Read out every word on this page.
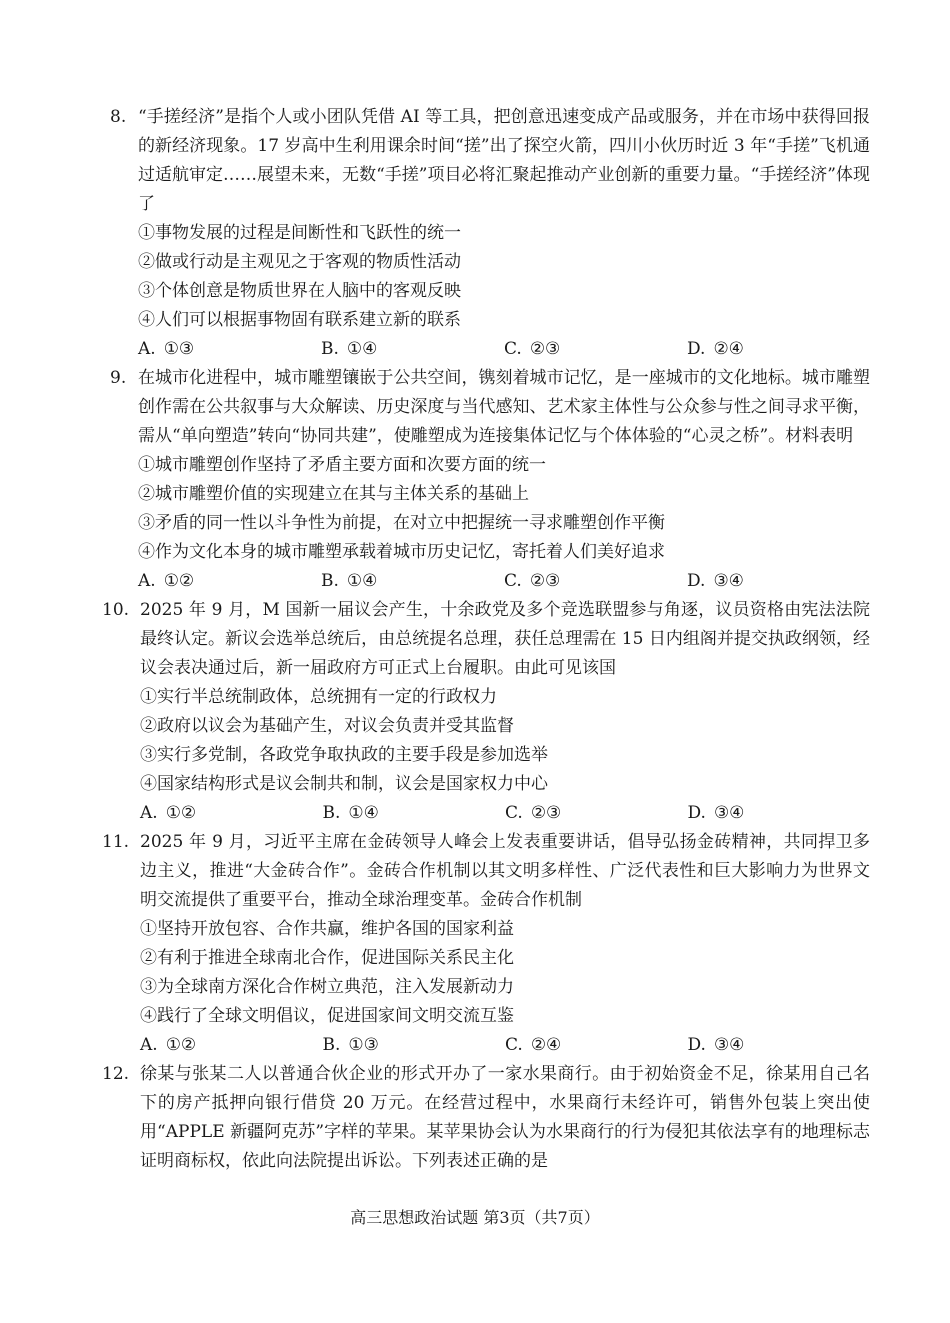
8. “手搓经济”是指个人或小团队凭借 AI 等工具，把创意迅速变成产品或服务，并在市场中获得回报的新经济现象。17 岁高中生利用课余时间“搓”出了探空火箭，四川小伙历时近 3 年“手搓”飞机通过适航审定……展望未来，无数“手搓”项目必将汇聚起推动产业创新的重要力量。“手搓经济”体现了
①事物发展的过程是间断性和飞跃性的统一
②做或行动是主观见之于客观的物质性活动
③个体创意是物质世界在人脑中的客观反映
④人们可以根据事物固有联系建立新的联系
A. ①③	B. ①④	C. ②③	D. ②④
9. 在城市化进程中，城市雕塑镶嵌于公共空间，镌刻着城市记忆，是一座城市的文化地标。城市雕塑创作需在公共叙事与大众解读、历史深度与当代感知、艺术家主体性与公众参与性之间寻求平衡，需从“单向塑造”转向“协同共建”，使雕塑成为连接集体记忆与个体体验的“心灵之桥”。材料表明
①城市雕塑创作坚持了矛盾主要方面和次要方面的统一
②城市雕塑价值的实现建立在其与主体关系的基础上
③矛盾的同一性以斗争性为前提，在对立中把握统一寻求雕塑创作平衡
④作为文化本身的城市雕塑承载着城市历史记忆，寄托着人们美好追求
A. ①②	B. ①④	C. ②③	D. ③④
10. 2025 年 9 月，M 国新一届议会产生，十余政党及多个竞选联盟参与角逐，议员资格由宪法法院最终认定。新议会选举总统后，由总统提名总理，获任总理需在 15 日内组阁并提交执政纲领，经议会表决通过后，新一届政府方可正式上台履职。由此可见该国
①实行半总统制政体，总统拥有一定的行政权力
②政府以议会为基础产生，对议会负责并受其监督
③实行多党制，各政党争取执政的主要手段是参加选举
④国家结构形式是议会制共和制，议会是国家权力中心
A. ①②	B. ①④	C. ②③	D. ③④
11. 2025 年 9 月，习近平主席在金砖领导人峰会上发表重要讲话，倡导弘扬金砖精神，共同捍卫多边主义，推进“大金砖合作”。金砖合作机制以其文明多样性、广泛代表性和巨大影响力为世界文明交流提供了重要平台，推动全球治理变革。金砖合作机制
①坚持开放包容、合作共赢，维护各国的国家利益
②有利于推进全球南北合作，促进国际关系民主化
③为全球南方深化合作树立典范，注入发展新动力
④践行了全球文明倡议，促进国家间文明交流互鉴
A. ①②	B. ①③	C. ②④	D. ③④
12. 徐某与张某二人以普通合伙企业的形式开办了一家水果商行。由于初始资金不足，徐某用自己名下的房产抵押向银行借贷 20 万元。在经营过程中，水果商行未经许可，销售外包装上突出使用“APPLE 新疆阿克苏”字样的苹果。某苹果协会认为水果商行的行为侵犯其依法享有的地理标志证明商标权，依此向法院提出诉讼。下列表述正确的是
高三思想政治试题 第3页（共7页）
